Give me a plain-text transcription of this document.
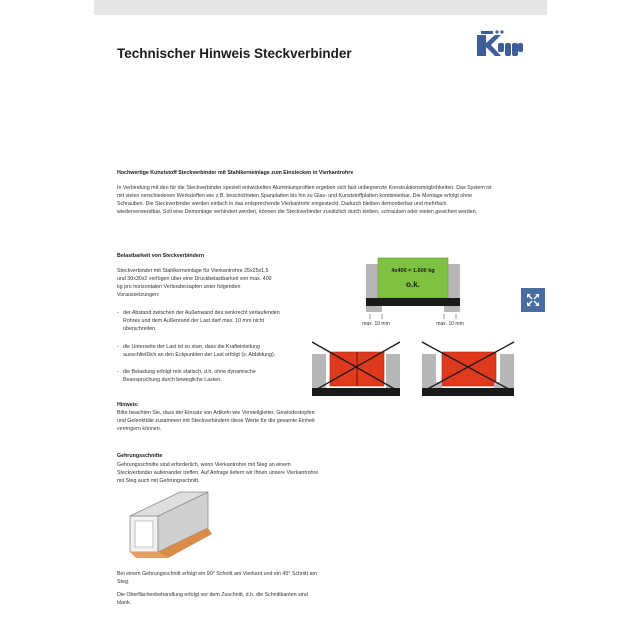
Technischer Hinweis Steckverbinder

Hochwertige Kunststoff Steckverbinder mit Stahlkerneinlage zum Einstecken in Vierkantrohre

In Verbindung mit den für die Steckverbinder speziell entwickelten Aluminiumprofilen ergeben sich fast unbegrenzte Konstruktionsmöglichkeiten. Das System ist
mit vielen verschiedenen Werkstoffen wie z.B. beschichteten Spanplatten bis hin zu Glas- und Kunststoffplatten kombinierbar. Die Montage erfolgt ohne
Schrauben. Die Steckverbinder werden einfach in das entsprechende Vierkantrohr eingesteckt. Dadurch bleiben demontierbar und mehrfach
wiederverwendbar. Soll eine Demontage verhindert werden, können die Steckverbinder zusätzlich durch kleben, schrauben oder nieten gesichert werden.

Belastbarkeit von Steckverbindern

Steckverbinder mit Stahlkerneinlage für Vierkantrohre 25x25x1,5
und 30x30x2 verfügen über eine Druckbelastbarkeit von max. 400
kg pro horizontalen Verbinderzapfen unter folgenden
Voraussetzungen:
- der Abstand zwischen der Außenwand des senkrecht verlaufenden
Rohres und dem Außenrand der Last darf max. 10 mm nicht
überschreiten.
- die Unterseite der Last ist so starr, dass die Krafteinleitung
ausschließlich an den Eckpunkten der Last erfolgt (s. Abbildung).
- die Belastung erfolgt rein statisch, d.h. ohne dynamische
Beanspruchung durch bewegliche Lasten.
4x400 = 1.600 kg
o.k.
max. 10 mm	max. 10 mm

Hinweis:

Bitte beachten Sie, dass der Einsatz von Artikeln wie Verstellgleiter, Gewindestopfen
und Gelenktülle zusammen mit Steckverbindern diese Werte für die gesamte Einheit
verringern können.

Gehrungsschnitte

Gehrungsschnitte sind erforderlich, wenn Vierkantrohre mit Steg an einem
Steckverbinder aufeinander treffen. Auf Anfrage liefern wir Ihnen unsere Vierkantrohre
mit Steg auch mit Gehrungsschnitt.
Bei einem Gehrungsschnitt erfolgt ein 90° Schnitt am Vierkant und ein 45° Schnitt am
Steg.
Die Oberflächenbehandlung erfolgt vor dem Zuschnitt, d.h. die Schnittkanten sind
blank.
